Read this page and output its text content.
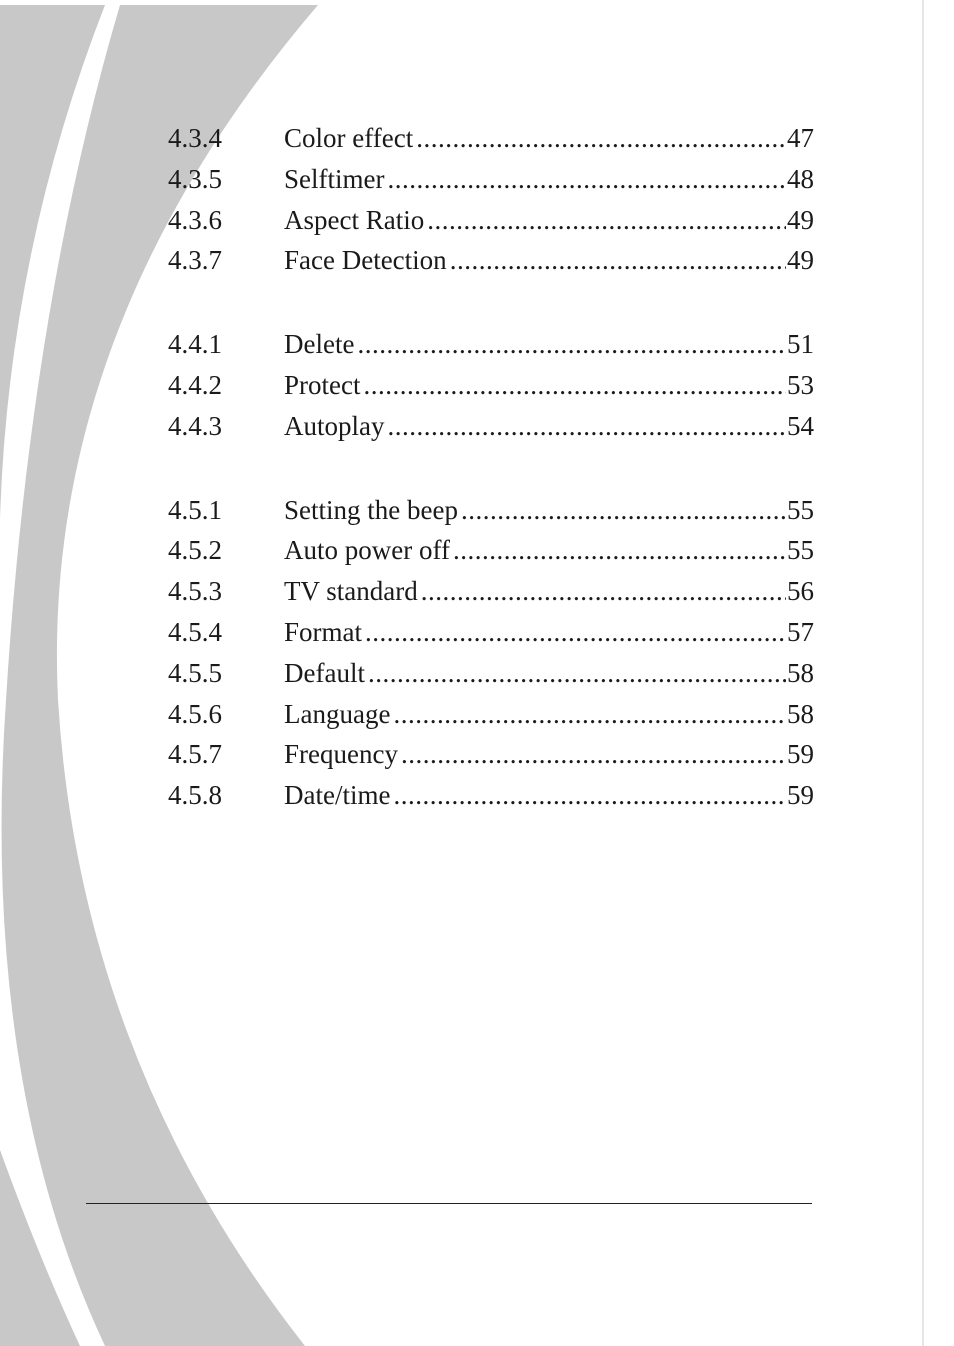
4.3.4	Color effect .....	47
4.3.5	Selftimer .....	48
4.3.6	Aspect Ratio .....	49
4.3.7	Face Detection .....	49
4.4.1	Delete .....	51
4.4.2	Protect .....	53
4.4.3	Autoplay .....	54
4.5.1	Setting the beep .....	55
4.5.2	Auto power off .....	55
4.5.3	TV standard .....	56
4.5.4	Format .....	57
4.5.5	Default .....	58
4.5.6	Language .....	58
4.5.7	Frequency .....	59
4.5.8	Date/time .....	59
